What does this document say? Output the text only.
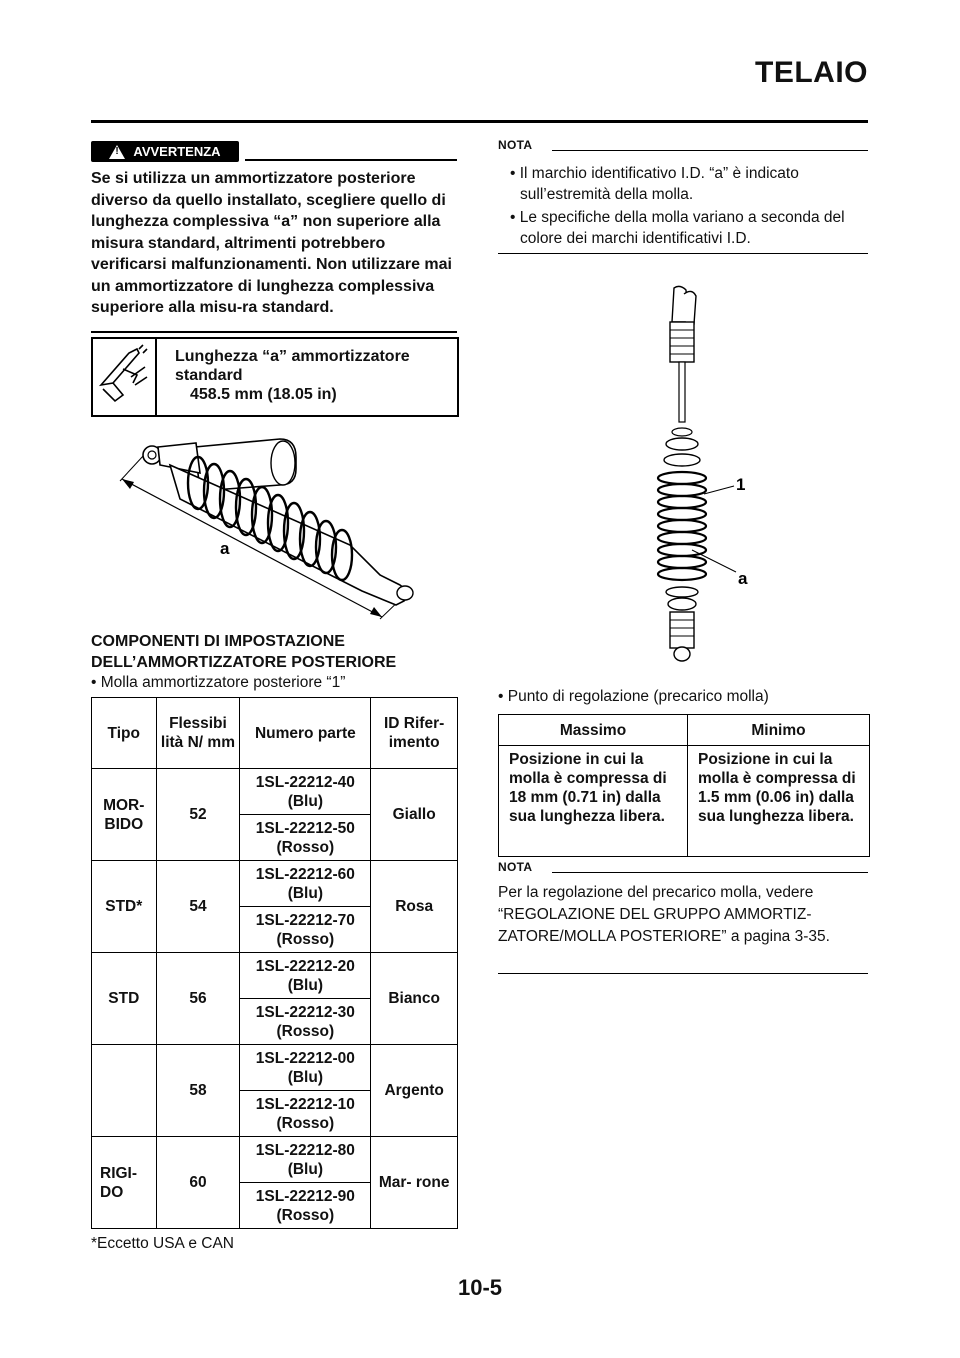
TELAIO
!
AVVERTENZA
Se si utilizza un ammortizzatore posteriore diverso da quello installato, scegliere quello di lunghezza complessiva “a” non superiore alla misura standard, altrimenti potrebbero verificarsi malfunzionamenti. Non utilizzare mai un ammortizzatore di lunghezza complessiva superiore alla misu-ra standard.
Lunghezza “a” ammortizzatore
standard
458.5 mm (18.05 in)
a
COMPONENTI DI IMPOSTAZIONE DELL’AMMORTIZZATORE POSTERIORE
• Molla ammortizzatore posteriore “1”
Tipo	Flessibi lità N/ mm	Numero parte	ID Rifer- imento
MOR- BIDO	52	1SL-22212-40 (Blu)	Giallo
		1SL-22212-50 (Rosso)	
STD*	54	1SL-22212-60 (Blu)	Rosa
		1SL-22212-70 (Rosso)	
STD	56	1SL-22212-20 (Blu)	Bianco
		1SL-22212-30 (Rosso)	
	58	1SL-22212-00 (Blu)	Argento
		1SL-22212-10 (Rosso)	
RIGI- DO	60	1SL-22212-80 (Blu)	Mar- rone
		1SL-22212-90 (Rosso)	
*Eccetto USA e CAN
NOTA

• Il marchio identificativo I.D. “a” è indicato sull’estremità della molla.

• Le specifiche della molla variano a seconda del colore dei marchi identificativi I.D.

1
a
• Punto di regolazione (precarico molla)
Massimo	Minimo
Posizione in cui la molla è compressa di 18 mm (0.71 in) dalla sua lunghezza libera.	Posizione in cui la molla è compressa di 1.5 mm (0.06 in) dalla sua lunghezza libera.
NOTA
Per la regolazione del precarico molla, vedere “REGOLAZIONE DEL GRUPPO AMMORTIZ-ZATORE/MOLLA POSTERIORE” a pagina 3-35.
10-5
